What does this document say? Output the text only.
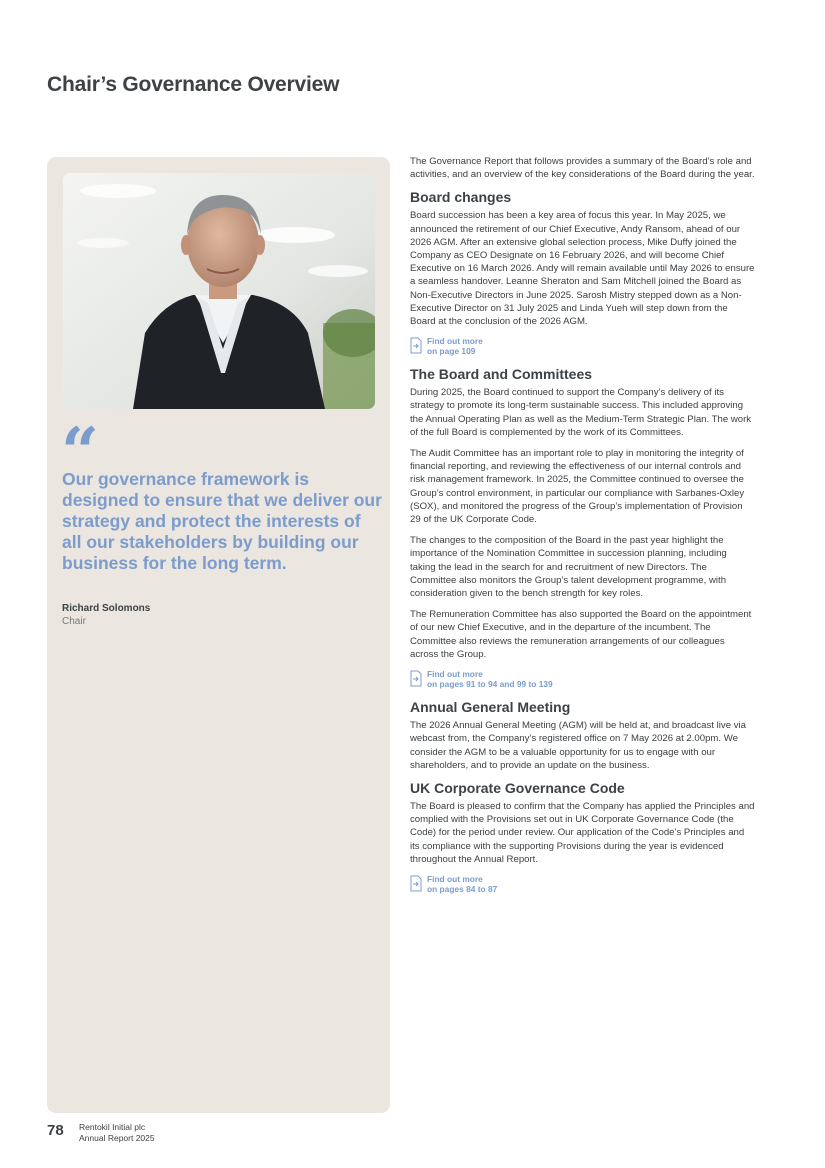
Chair’s Governance Overview
“

Our governance framework is designed to ensure that we deliver our strategy and protect the interests of all our stakeholders by building our business for the long term.

Richard Solomons
Chair

The Governance Report that follows provides a summary of the Board’s role and activities, and an overview of the key considerations of the Board during the year.

Board changes

Board succession has been a key area of focus this year. In May 2025, we announced the retirement of our Chief Executive, Andy Ransom, ahead of our 2026 AGM. After an extensive global selection process, Mike Duffy joined the Company as CEO Designate on 16 February 2026, and will become Chief Executive on 16 March 2026. Andy will remain available until May 2026 to ensure a seamless handover. Leanne Sheraton and Sam Mitchell joined the Board as Non-Executive Directors in June 2025. Sarosh Mistry stepped down as a Non-Executive Director on 31 July 2025 and Linda Yueh will step down from the Board at the conclusion of the 2026 AGM.

Find out more
on page 109
The Board and Committees

During 2025, the Board continued to support the Company’s delivery of its strategy to promote its long-term sustainable success. This included approving the Annual Operating Plan as well as the Medium-Term Strategic Plan. The work of the full Board is complemented by the work of its Committees.

The Audit Committee has an important role to play in monitoring the integrity of financial reporting, and reviewing the effectiveness of our internal controls and risk management framework. In 2025, the Committee continued to oversee the Group’s control environment, in particular our compliance with Sarbanes-Oxley (SOX), and monitored the progress of the Group’s implementation of Provision 29 of the UK Corporate Code.

The changes to the composition of the Board in the past year highlight the importance of the Nomination Committee in succession planning, including taking the lead in the search for and recruitment of new Directors. The Committee also monitors the Group’s talent development programme, with consideration given to the bench strength for key roles.

The Remuneration Committee has also supported the Board on the appointment of our new Chief Executive, and in the departure of the incumbent. The Committee also reviews the remuneration arrangements of our colleagues across the Group.

Find out more
on pages 91 to 94 and 99 to 139
Annual General Meeting

The 2026 Annual General Meeting (AGM) will be held at, and broadcast live via webcast from, the Company’s registered office on 7 May 2026 at 2.00pm. We consider the AGM to be a valuable opportunity for us to engage with our shareholders, and to provide an update on the business.

UK Corporate Governance Code

The Board is pleased to confirm that the Company has applied the Principles and complied with the Provisions set out in UK Corporate Governance Code (the Code) for the period under review. Our application of the Code’s Principles and its compliance with the supporting Provisions during the year is evidenced throughout the Annual Report.

Find out more
on pages 84 to 87
78 Rentokil Initial plc
Annual Report 2025
